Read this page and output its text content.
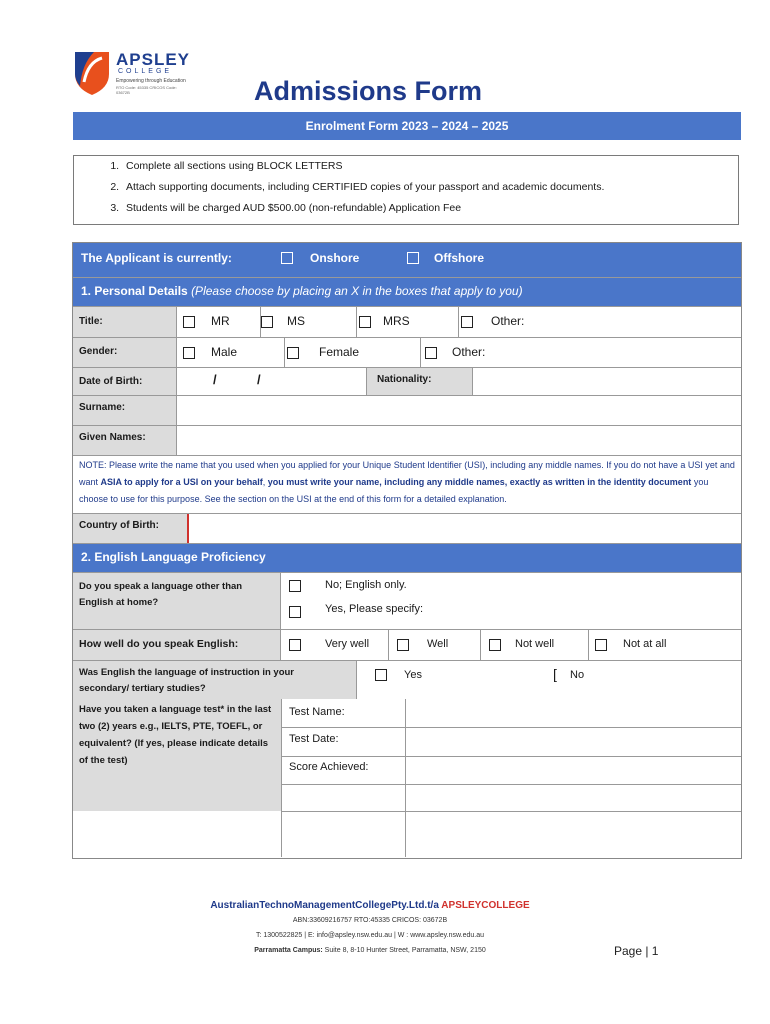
APSLEY
COLLEGE
Empowering through Education
RTO Code: 45335 CRICOS Code: 03672B	Admissions Form
Enrolment Form 2023 – 2024 – 2025
1. Complete all sections using BLOCK LETTERS
2. Attach supporting documents, including CERTIFIED copies of your passport and academic documents.
3. Students will be charged AUD $500.00 (non-refundable) Application Fee
The Applicant is currently:	Onshore	Offshore
1. Personal Details (Please choose by placing an X in the boxes that apply to you)
Title:	MR	MS	MRS	Other:
Gender:	Male	Female	Other:
Date of Birth:	/	/	Nationality:
Surname:
Given Names:
NOTE: Please write the name that you used when you applied for your Unique Student Identifier (USI), including any middle names. If you do not have a USI yet and want ASIA to apply for a USI on your behalf, you must write your name, including any middle names, exactly as written in the identity document you choose to use for this purpose. See the section on the USI at the end of this form for a detailed explanation.
Country of Birth:
2. English Language Proficiency
Do you speak a language other than English at home?
No; English only.
Yes, Please specify:
How well do you speak English:	Very well	Well	Not well	Not at all
Was English the language of instruction in your secondary/ tertiary studies?
Yes	[ No
Have you taken a language test* in the last two (2) years e.g., IELTS, PTE, TOEFL, or equivalent? (If yes, please indicate details of the test)
Test Name:
Test Date:
Score Achieved:
AustralianTechnoManagementCollegePty.Ltd.t/a APSLEYCOLLEGE
ABN:33609216757 RTO:45335 CRICOS: 03672B
T: 1300522825 | E: info@apsley.nsw.edu.au | W : www.apsley.nsw.edu.au
Parramatta Campus: Suite 8, 8-10 Hunter Street, Parramatta, NSW, 2150	Page | 1
